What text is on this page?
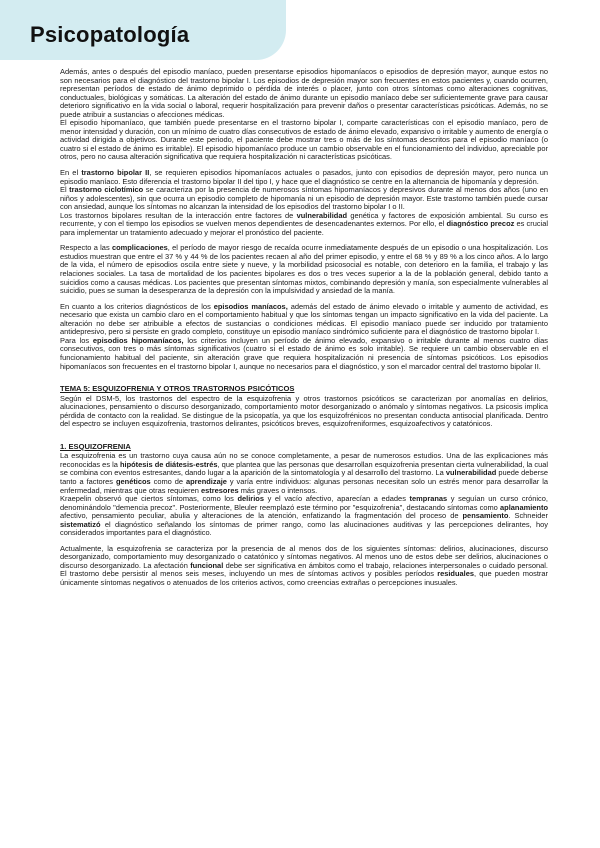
Psicopatología

Además, antes o después del episodio maníaco, pueden presentarse episodios hipomaníacos o episodios de depresión mayor, aunque estos no son necesarios para el diagnóstico del trastorno bipolar I. Los episodios de depresión mayor son frecuentes en estos pacientes y, cuando ocurren, representan períodos de estado de ánimo deprimido o pérdida de interés o placer, junto con otros síntomas como alteraciones cognitivas, conductuales, biológicas y somáticas. La alteración del estado de ánimo durante un episodio maníaco debe ser suficientemente grave para causar deterioro significativo en la vida social o laboral, requerir hospitalización para prevenir daños o presentar características psicóticas. Además, no se puede atribuir a sustancias o afecciones médicas.

El episodio hipomaníaco, que también puede presentarse en el trastorno bipolar I, comparte características con el episodio maníaco, pero de menor intensidad y duración, con un mínimo de cuatro días consecutivos de estado de ánimo elevado, expansivo o irritable y aumento de energía o actividad dirigida a objetivos. Durante este periodo, el paciente debe mostrar tres o más de los síntomas descritos para el episodio maníaco (o cuatro si el estado de ánimo es irritable). El episodio hipomaníaco produce un cambio observable en el funcionamiento del individuo, apreciable por otros, pero no causa alteración significativa que requiera hospitalización ni características psicóticas.

En el trastorno bipolar II, se requieren episodios hipomaníacos actuales o pasados, junto con episodios de depresión mayor, pero nunca un episodio maníaco. Esto diferencia el trastorno bipolar II del tipo I, y hace que el diagnóstico se centre en la alternancia de hipomanía y depresión.

El trastorno ciclotímico se caracteriza por la presencia de numerosos síntomas hipomaníacos y depresivos durante al menos dos años (uno en niños y adolescentes), sin que ocurra un episodio completo de hipomanía ni un episodio de depresión mayor. Este trastorno también puede cursar con ansiedad, aunque los síntomas no alcanzan la intensidad de los episodios del trastorno bipolar I o II.

Los trastornos bipolares resultan de la interacción entre factores de vulnerabilidad genética y factores de exposición ambiental. Su curso es recurrente, y con el tiempo los episodios se vuelven menos dependientes de desencadenantes externos. Por ello, el diagnóstico precoz es crucial para implementar un tratamiento adecuado y mejorar el pronóstico del paciente.

Respecto a las complicaciones, el período de mayor riesgo de recaída ocurre inmediatamente después de un episodio o una hospitalización. Los estudios muestran que entre el 37 % y 44 % de los pacientes recaen al año del primer episodio, y entre el 68 % y 89 % a los cinco años. A lo largo de la vida, el número de episodios oscila entre siete y nueve, y la morbilidad psicosocial es notable, con deterioro en la familia, el trabajo y las relaciones sociales. La tasa de mortalidad de los pacientes bipolares es dos o tres veces superior a la de la población general, debido tanto a suicidios como a causas médicas. Los pacientes que presentan síntomas mixtos, combinando depresión y manía, son especialmente vulnerables al suicidio, pues se suman la desesperanza de la depresión con la impulsividad y ansiedad de la manía.

En cuanto a los criterios diagnósticos de los episodios maníacos, además del estado de ánimo elevado o irritable y aumento de actividad, es necesario que exista un cambio claro en el comportamiento habitual y que los síntomas tengan un impacto significativo en la vida del paciente. La alteración no debe ser atribuible a efectos de sustancias o condiciones médicas. El episodio maníaco puede ser inducido por tratamiento antidepresivo, pero si persiste en grado completo, constituye un episodio maníaco sindrómico suficiente para el diagnóstico de trastorno bipolar I.

Para los episodios hipomaníacos, los criterios incluyen un período de ánimo elevado, expansivo o irritable durante al menos cuatro días consecutivos, con tres o más síntomas significativos (cuatro si el estado de ánimo es solo irritable). Se requiere un cambio observable en el funcionamiento habitual del paciente, sin alteración grave que requiera hospitalización ni presencia de síntomas psicóticos. Los episodios hipomaníacos son frecuentes en el trastorno bipolar I, aunque no necesarios para el diagnóstico, y son el marcador central del trastorno bipolar II.

TEMA 5: ESQUIZOFRENIA Y OTROS TRASTORNOS PSICÓTICOS

Según el DSM-5, los trastornos del espectro de la esquizofrenia y otros trastornos psicóticos se caracterizan por anomalías en delirios, alucinaciones, pensamiento o discurso desorganizado, comportamiento motor desorganizado o anómalo y síntomas negativos. La psicosis implica pérdida de contacto con la realidad. Se distingue de la psicopatía, ya que los esquizofrénicos no presentan conducta antisocial planificada. Dentro del espectro se incluyen esquizofrenia, trastornos delirantes, psicóticos breves, esquizofreniformes, esquizoafectivos y catatónicos.

1. ESQUIZOFRENIA

La esquizofrenia es un trastorno cuya causa aún no se conoce completamente, a pesar de numerosos estudios. Una de las explicaciones más reconocidas es la hipótesis de diátesis-estrés, que plantea que las personas que desarrollan esquizofrenia presentan cierta vulnerabilidad, la cual se combina con eventos estresantes, dando lugar a la aparición de la sintomatología y al desarrollo del trastorno. La vulnerabilidad puede deberse tanto a factores genéticos como de aprendizaje y varía entre individuos: algunas personas necesitan solo un estrés menor para desarrollar la enfermedad, mientras que otras requieren estresores más graves o intensos.

Kraepelin observó que ciertos síntomas, como los delirios y el vacío afectivo, aparecían a edades tempranas y seguían un curso crónico, denominándolo "demencia precoz". Posteriormente, Bleuler reemplazó este término por "esquizofrenia", destacando síntomas como aplanamiento afectivo, pensamiento peculiar, abulia y alteraciones de la atención, enfatizando la fragmentación del proceso de pensamiento. Schneider sistematizó el diagnóstico señalando los síntomas de primer rango, como las alucinaciones auditivas y las percepciones delirantes, hoy considerados importantes para el diagnóstico.

Actualmente, la esquizofrenia se caracteriza por la presencia de al menos dos de los siguientes síntomas: delirios, alucinaciones, discurso desorganizado, comportamiento muy desorganizado o catatónico y síntomas negativos. Al menos uno de estos debe ser delirios, alucinaciones o discurso desorganizado. La afectación funcional debe ser significativa en ámbitos como el trabajo, relaciones interpersonales o cuidado personal. El trastorno debe persistir al menos seis meses, incluyendo un mes de síntomas activos y posibles períodos residuales, que pueden mostrar únicamente síntomas negativos o atenuados de los criterios activos, como creencias extrañas o percepciones inusuales.
